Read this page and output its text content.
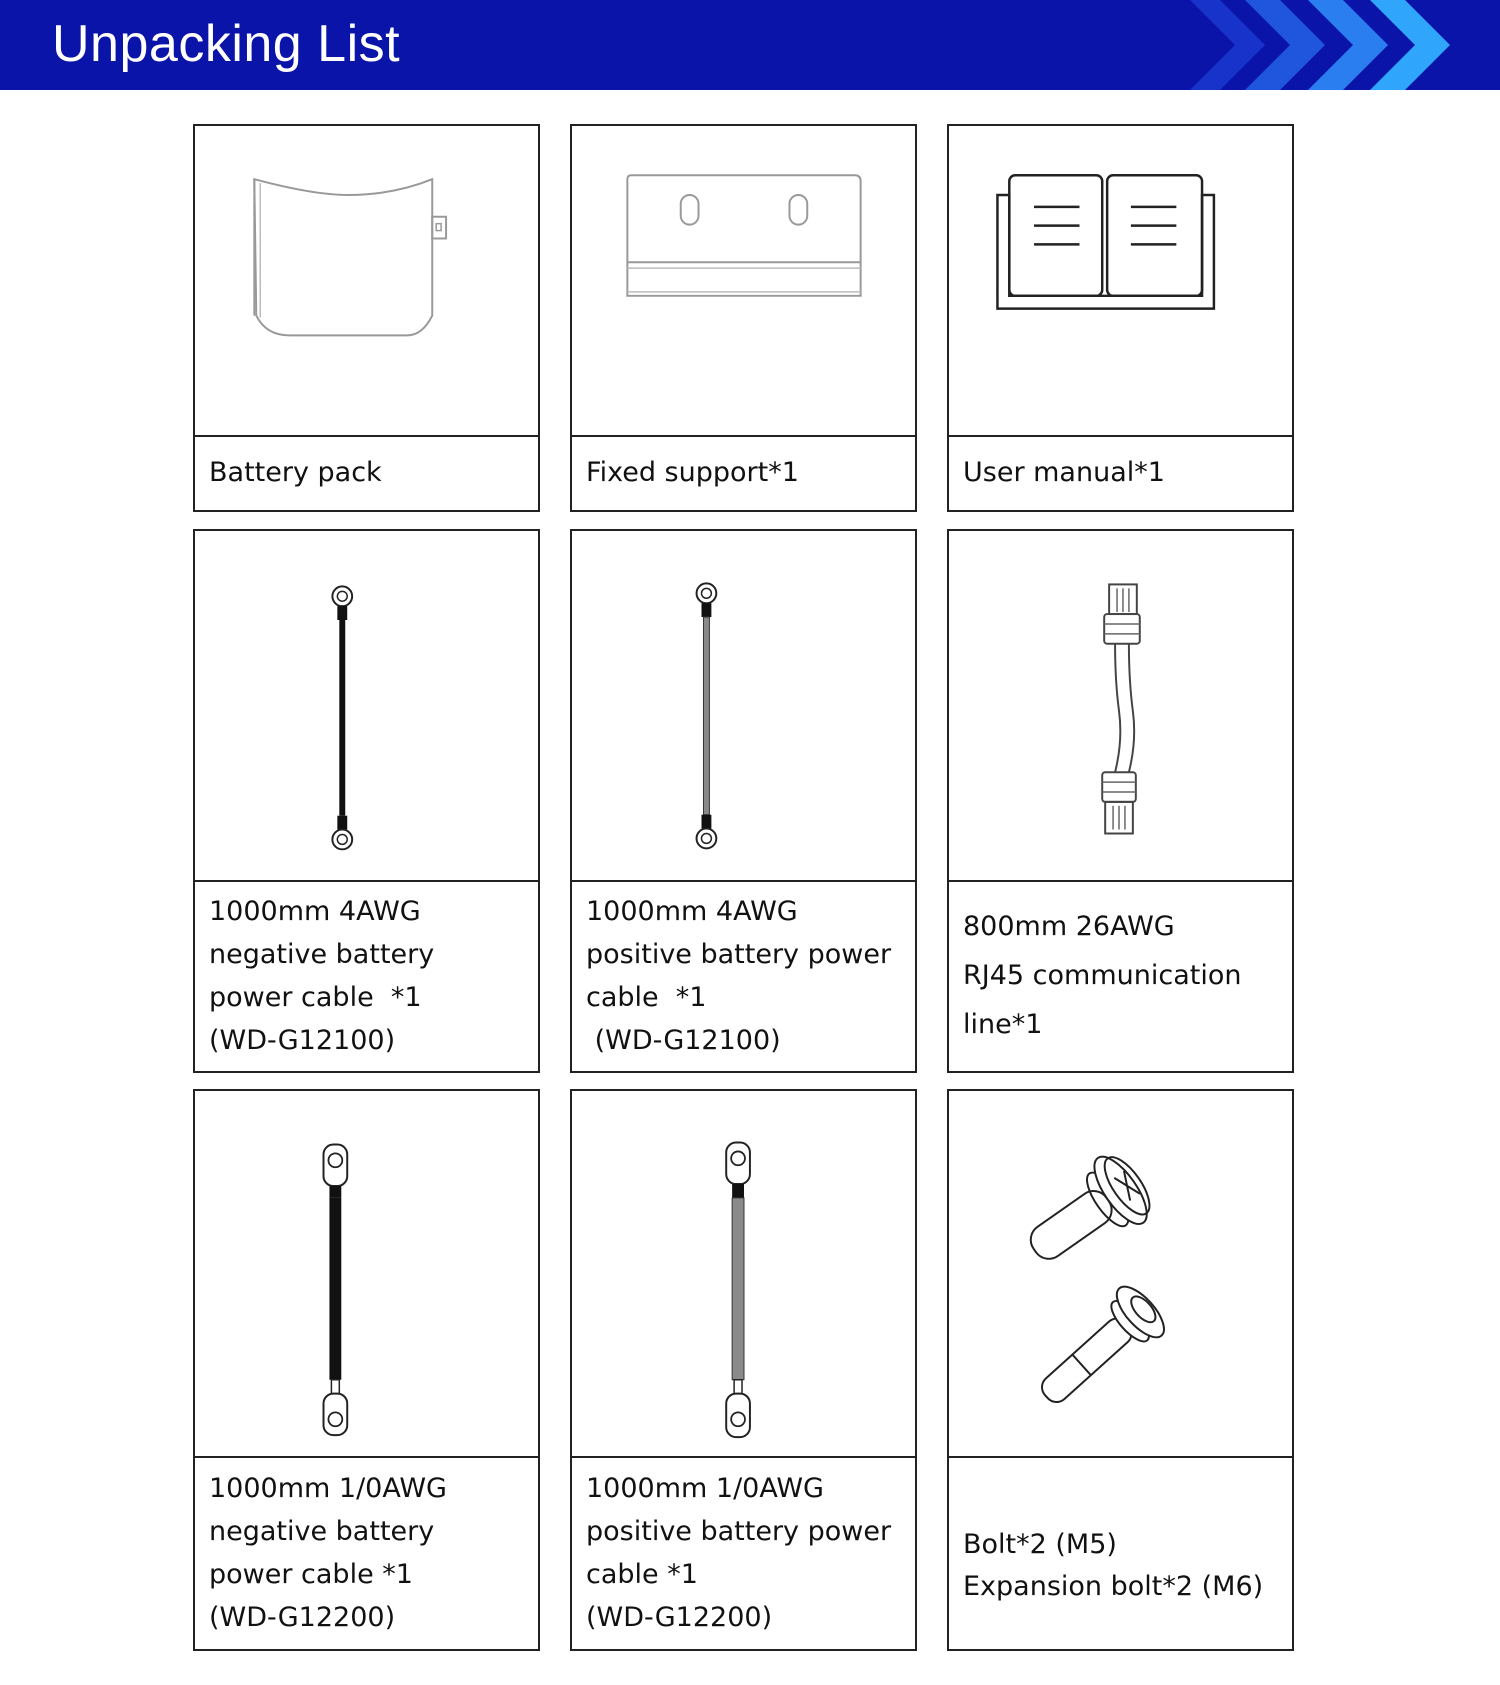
Unpacking List
Battery pack	Fixed support*1	User manual*1
1000mm 4AWG
negative battery
power cable  *1
(WD-G12100)
1000mm 4AWG
positive battery power
cable  *1
(WD-G12100)
800mm 26AWG
RJ45 communication
line*1
1000mm 1/0AWG
negative battery
power cable *1
(WD-G12200)
1000mm 1/0AWG
positive battery power
cable *1
(WD-G12200)
Bolt*2 (M5)
Expansion bolt*2 (M6)
